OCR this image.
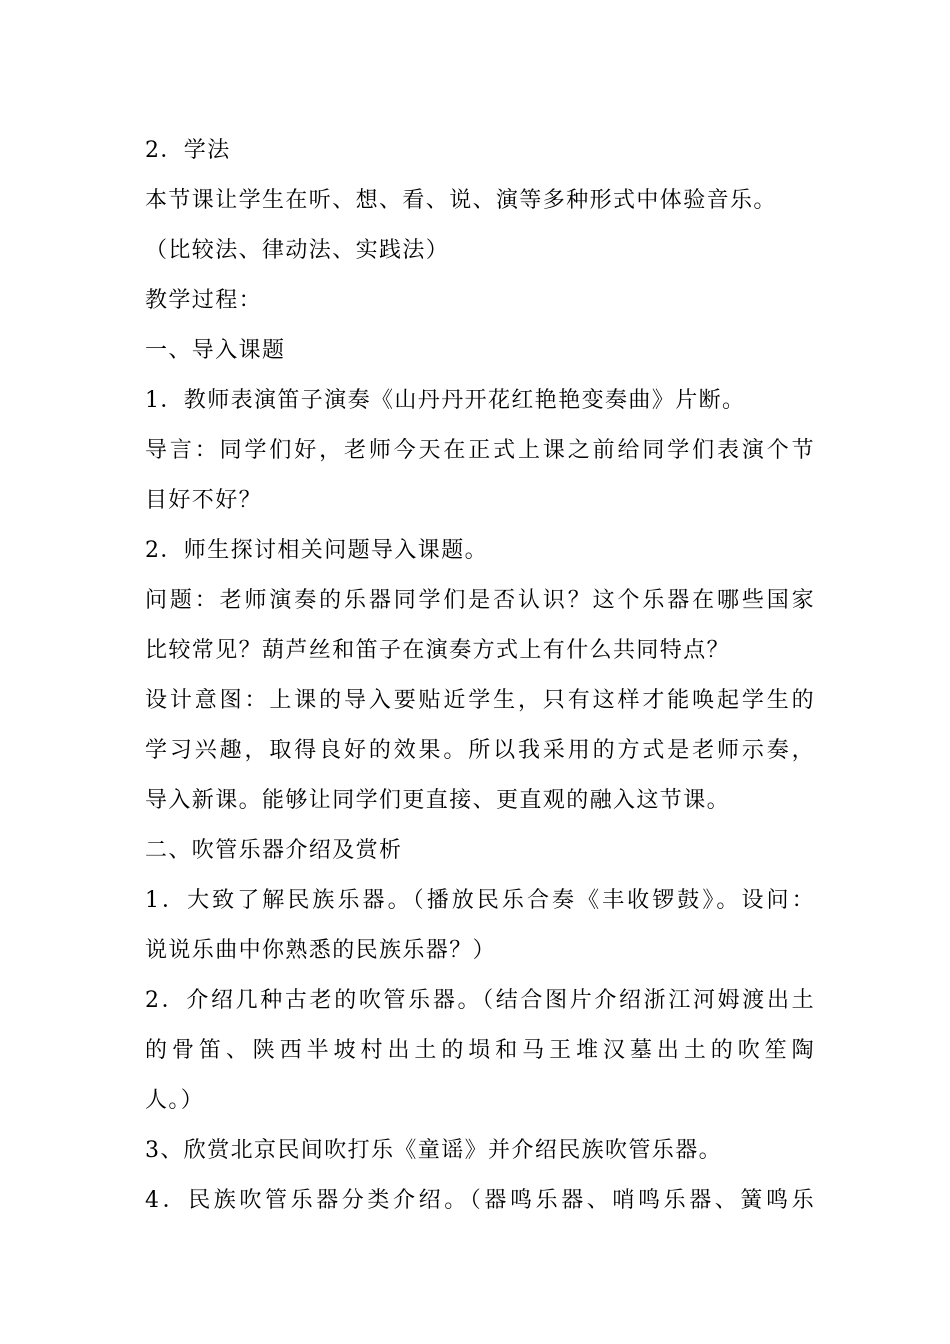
2．学法
本节课让学生在听、想、看、说、演等多种形式中体验音乐。
（比较法、律动法、实践法）
教学过程：
一、导入课题
1．教师表演笛子演奏《山丹丹开花红艳艳变奏曲》片断。
导言：同学们好，老师今天在正式上课之前给同学们表演个节
目好不好？
2．师生探讨相关问题导入课题。
问题：老师演奏的乐器同学们是否认识？这个乐器在哪些国家
比较常见？葫芦丝和笛子在演奏方式上有什么共同特点？
设计意图：上课的导入要贴近学生，只有这样才能唤起学生的
学习兴趣，取得良好的效果。所以我采用的方式是老师示奏，
导入新课。能够让同学们更直接、更直观的融入这节课。
二、吹管乐器介绍及赏析
1．大致了解民族乐器。（播放民乐合奏《丰收锣鼓》。设问：
说说乐曲中你熟悉的民族乐器？）
2．介绍几种古老的吹管乐器。（结合图片介绍浙江河姆渡出土
的骨笛、陕西半坡村出土的埙和马王堆汉墓出土的吹笙陶
人。）
3、欣赏北京民间吹打乐《童谣》并介绍民族吹管乐器。
4．民族吹管乐器分类介绍。（器鸣乐器、哨鸣乐器、簧鸣乐
